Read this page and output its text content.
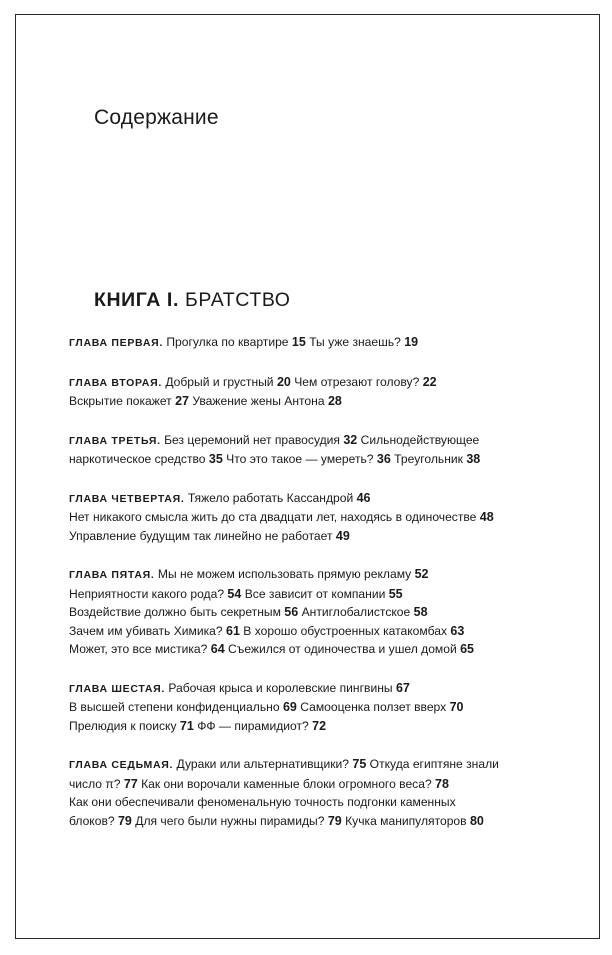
Содержание
КНИГА I. БРАТСТВО
ГЛАВА ПЕРВАЯ. Прогулка по квартире 15 Ты уже знаешь? 19
ГЛАВА ВТОРАЯ. Добрый и грустный 20 Чем отрезают голову? 22
Вскрытие покажет 27 Уважение жены Антона 28
ГЛАВА ТРЕТЬЯ. Без церемоний нет правосудия 32 Сильнодействующее
наркотическое средство 35 Что это такое — умереть? 36 Треугольник 38
ГЛАВА ЧЕТВЕРТАЯ. Тяжело работать Кассандрой 46
Нет никакого смысла жить до ста двадцати лет, находясь в одиночестве 48
Управление будущим так линейно не работает 49
ГЛАВА ПЯТАЯ. Мы не можем использовать прямую рекламу 52
Неприятности какого рода? 54 Все зависит от компании 55
Воздействие должно быть секретным 56 Антиглобалистское 58
Зачем им убивать Химика? 61 В хорошо обустроенных катакомбах 63
Может, это все мистика? 64 Съежился от одиночества и ушел домой 65
ГЛАВА ШЕСТАЯ. Рабочая крыса и королевские пингвины 67
В высшей степени конфиденциально 69 Самооценка ползет вверх 70
Прелюдия к поиску 71 ФФ — пирамидиот? 72
ГЛАВА СЕДЬМАЯ. Дураки или альтернативщики? 75 Откуда египтяне знали
число π? 77 Как они ворочали каменные блоки огромного веса? 78
Как они обеспечивали феноменальную точность подгонки каменных
блоков? 79 Для чего были нужны пирамиды? 79 Кучка манипуляторов 80
